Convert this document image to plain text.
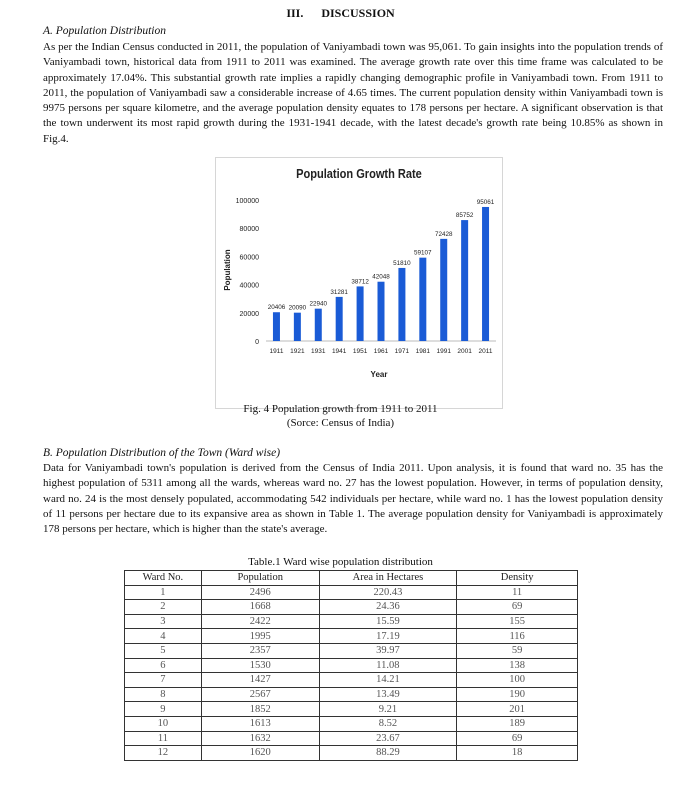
III. DISCUSSION
A. Population Distribution

As per the Indian Census conducted in 2011, the population of Vaniyambadi town was 95,061. To gain insights into the population trends of Vaniyambadi town, historical data from 1911 to 2011 was examined. The average growth rate over this time frame was calculated to be approximately 17.04%. This substantial growth rate implies a rapidly changing demographic profile in Vaniyambadi town. From 1911 to 2011, the population of Vaniyambadi saw a considerable increase of 4.65 times. The current population density within Vaniyambadi town is 9975 persons per square kilometre, and the average population density equates to 178 persons per hectare. A significant observation is that the town underwent its most rapid growth during the 1931-1941 decade, with the latest decade's growth rate being 10.85% as shown in Fig.4.

Population Growth Rate
Population
0
20000
40000
60000
80000
100000
20406
1911
20090
1921
22940
1931
31281
1941
38712
1951
42048
1961
51810
1971
59107
1981
72428
1991
85752
2001
95061
2011
Year
Fig. 4 Population growth from 1911 to 2011
(Sorce: Census of India)
B. Population Distribution of the Town (Ward wise)

Data for Vaniyambadi town's population is derived from the Census of India 2011. Upon analysis, it is found that ward no. 35 has the highest population of 5311 among all the wards, whereas ward no. 27 has the lowest population. However, in terms of population density, ward no. 24 is the most densely populated, accommodating 542 individuals per hectare, while ward no. 1 has the lowest population density of 11 persons per hectare due to its expansive area as shown in Table 1. The average population density for Vaniyambadi is approximately 178 persons per hectare, which is higher than the state's average.

Table.1 Ward wise population distribution
Ward No.	Population	Area in Hectares	Density
1	2496	220.43	11
2	1668	24.36	69
3	2422	15.59	155
4	1995	17.19	116
5	2357	39.97	59
6	1530	11.08	138
7	1427	14.21	100
8	2567	13.49	190
9	1852	9.21	201
10	1613	8.52	189
11	1632	23.67	69
12	1620	88.29	18
